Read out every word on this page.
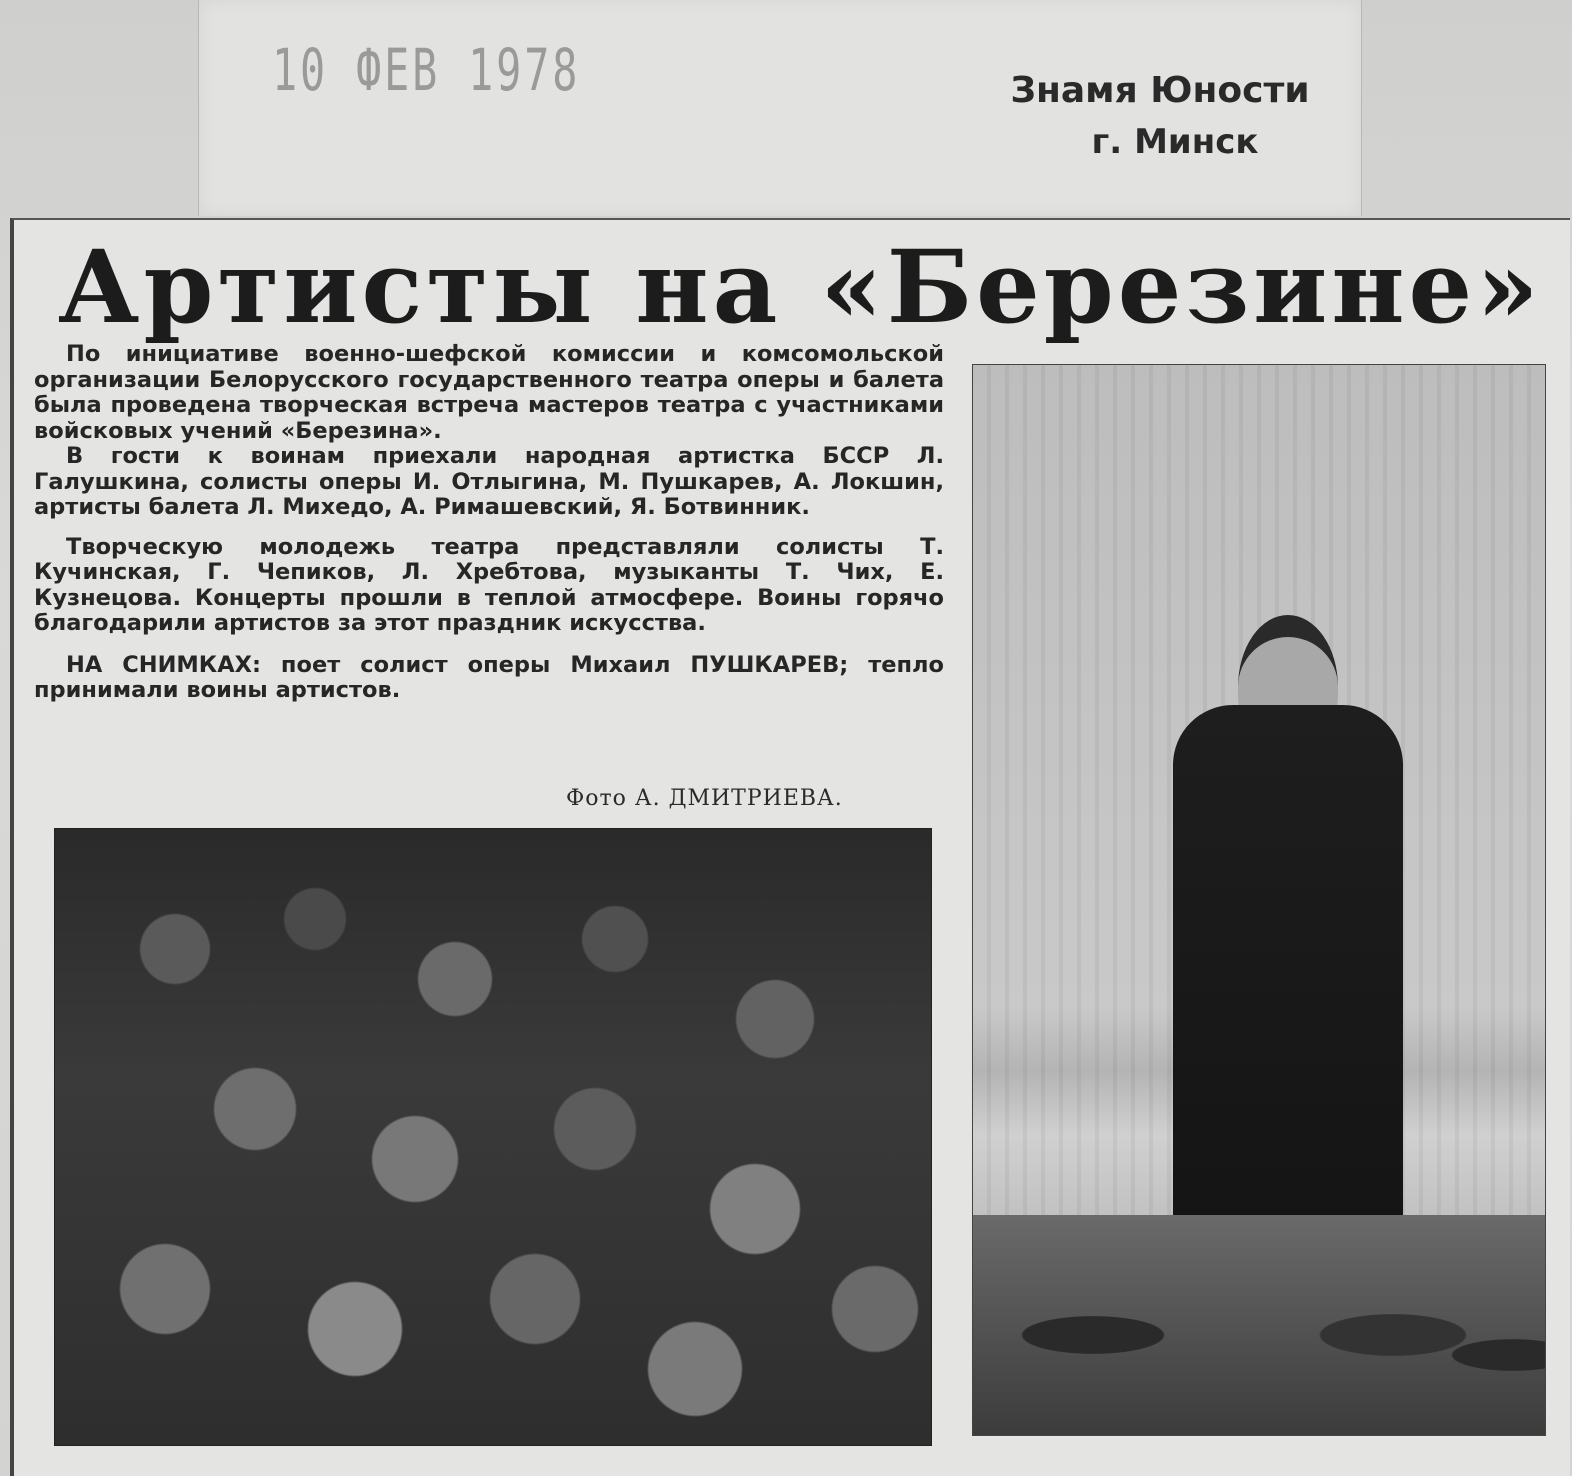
10 ФЕВ 1978	Знамя Юности
г. Минск
Артисты на «Березине»

По инициативе военно-шефской комиссии и комсомольской организации Белорусского государственного театра оперы и балета была проведена творческая встреча мастеров театра с участниками войсковых учений «Березина».

В гости к воинам приехали народная артистка БССР Л. Галушкина, солисты оперы И. Отлыгина, М. Пушкарев, А. Локшин, артисты балета Л. Михедо, А. Римашевский, Я. Ботвинник.

Творческую молодежь театра представляли солисты Т. Кучинская, Г. Чепиков, Л. Хребтова, музыканты Т. Чих, Е. Кузнецова. Концерты прошли в теплой атмосфере. Воины горячо благодарили артистов за этот праздник искусства.

НА СНИМКАХ: поет солист оперы Михаил ПУШКАРЕВ; тепло принимали воины артистов.

Фото А. ДМИТРИЕВА.
